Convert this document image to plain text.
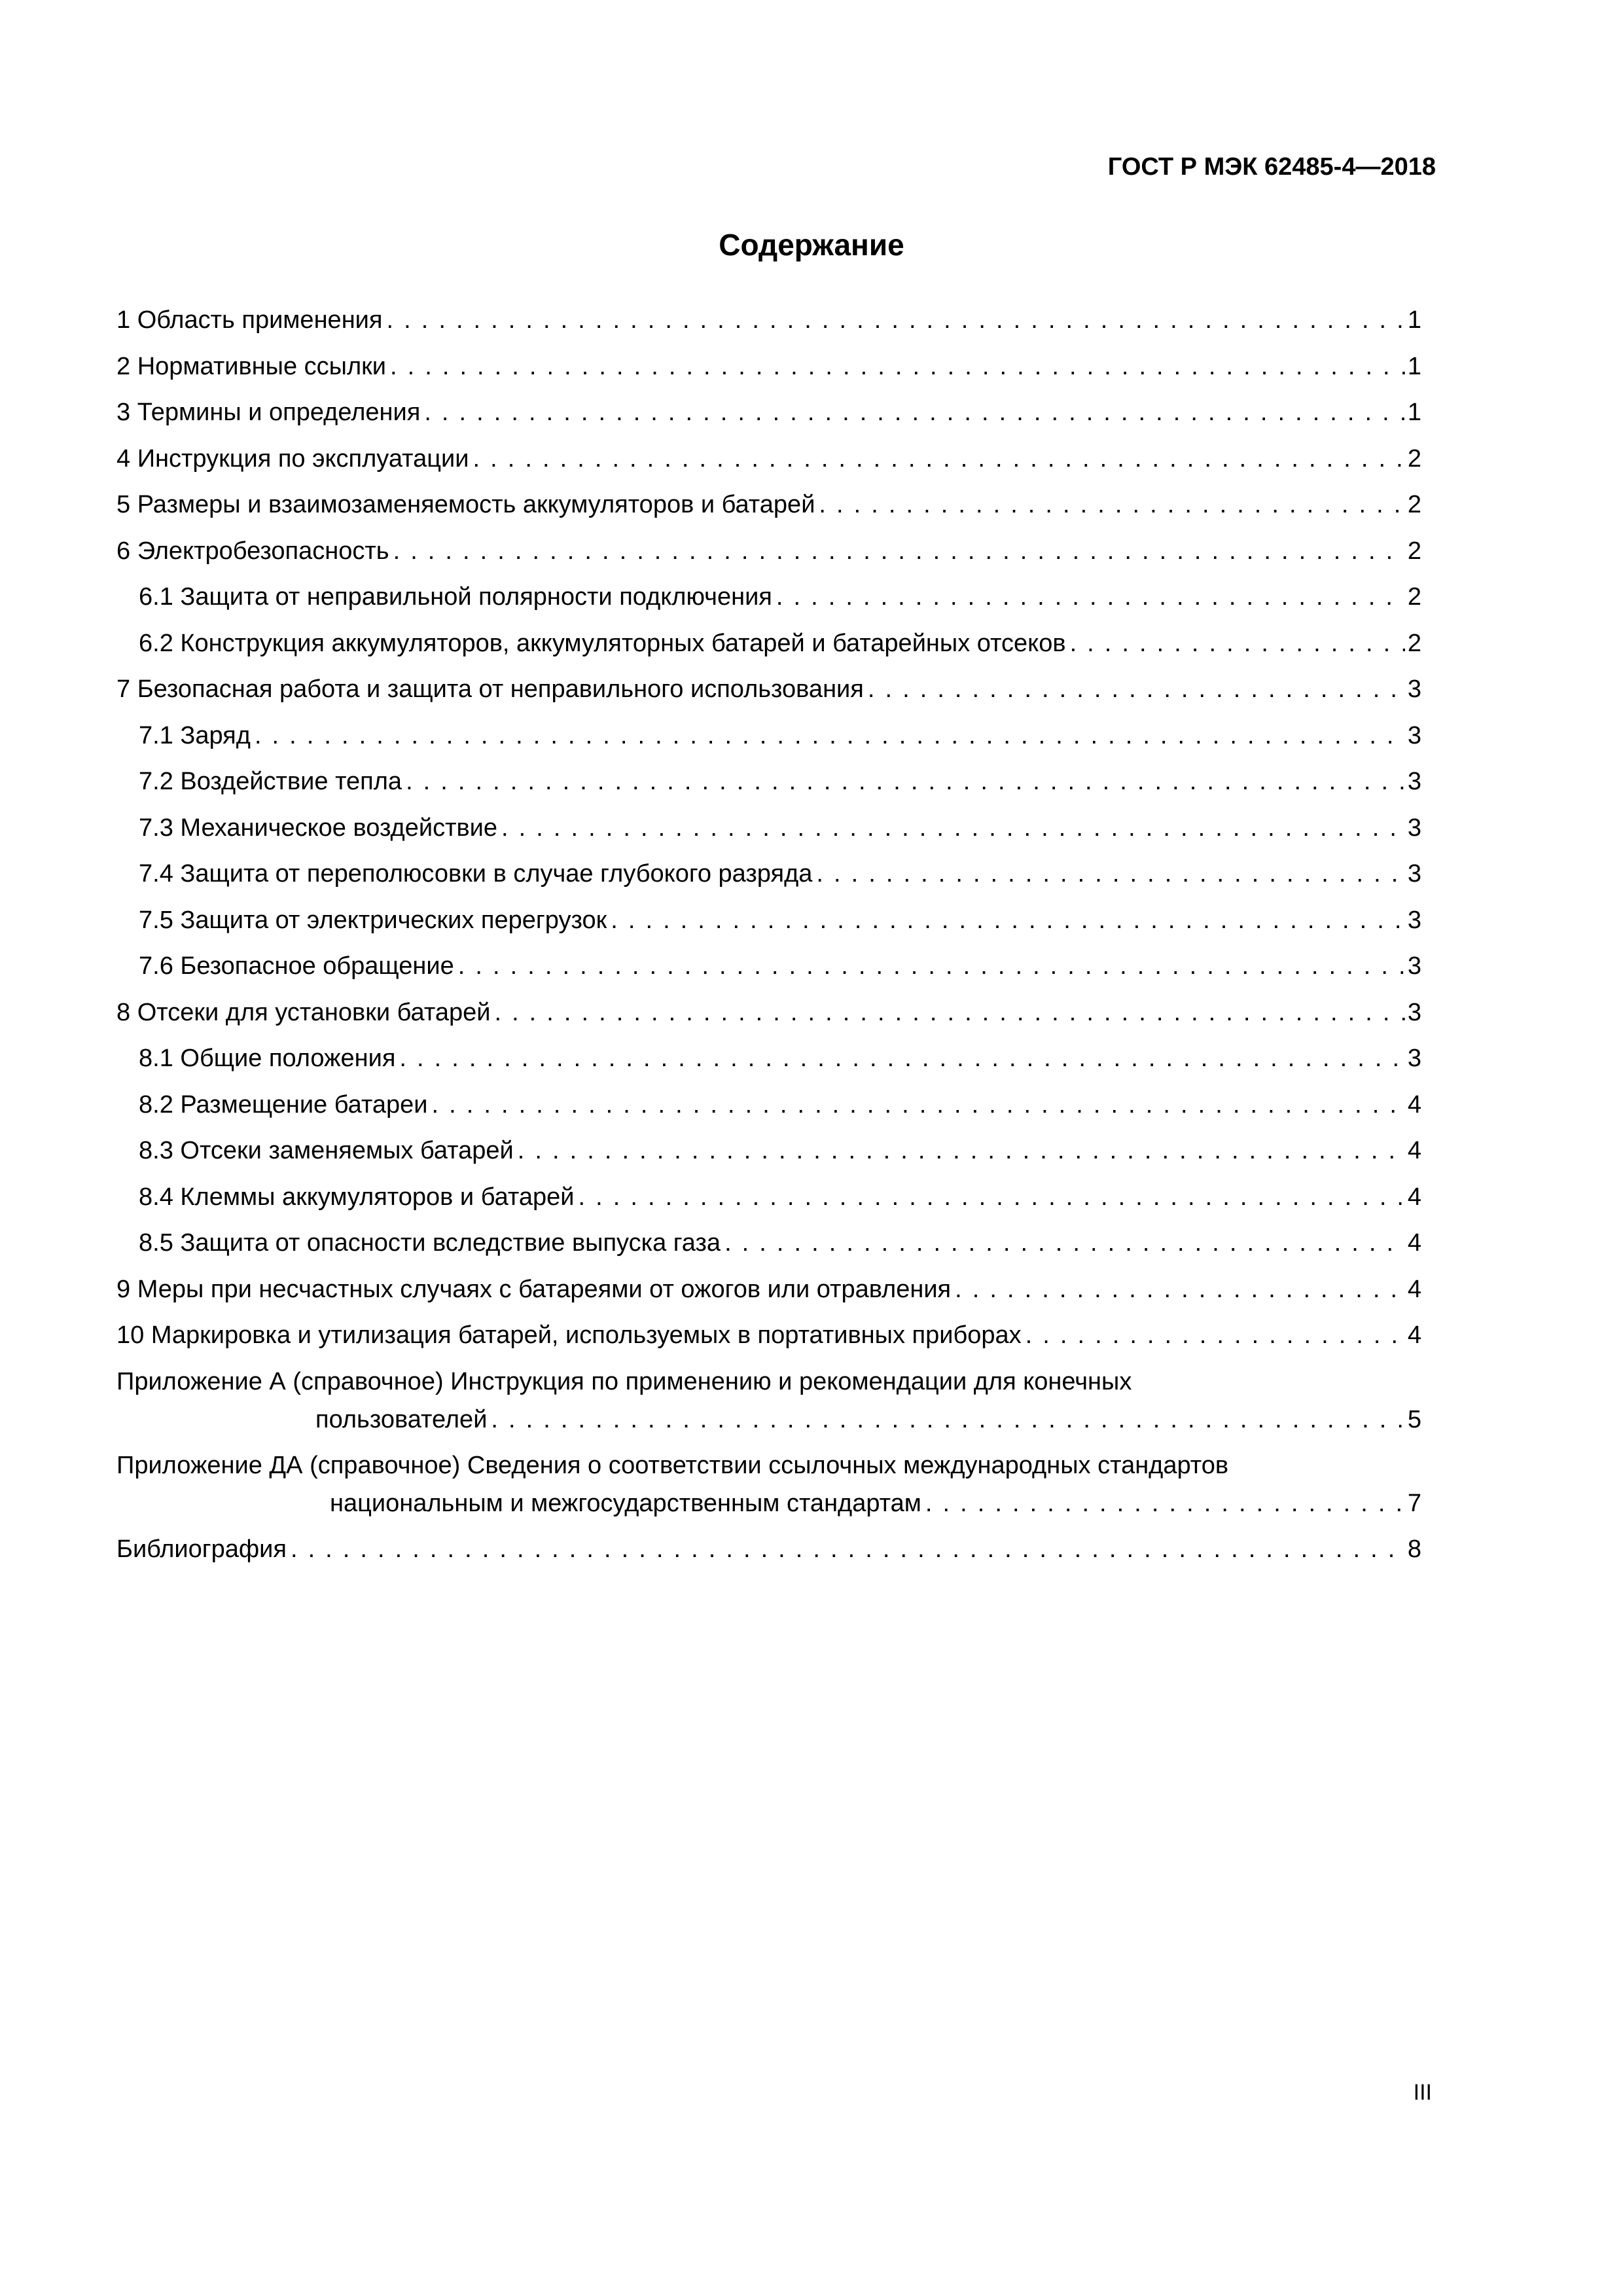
ГОСТ Р МЭК 62485-4—2018
Содержание
1 Область применения . . .	1
2 Нормативные ссылки . . .	1
3 Термины и определения . . .	1
4 Инструкция по эксплуатации . . .	2
5 Размеры и взаимозаменяемость аккумуляторов и батарей . . .	2
6 Электробезопасность . . .	2
6.1 Защита от неправильной полярности подключения . . .	2
6.2 Конструкция аккумуляторов, аккумуляторных батарей и батарейных отсеков . . .	2
7 Безопасная работа и защита от неправильного использования . . .	3
7.1 Заряд . . .	3
7.2 Воздействие тепла . . .	3
7.3 Механическое воздействие . . .	3
7.4 Защита от переполюсовки в случае глубокого разряда . . .	3
7.5 Защита от электрических перегрузок . . .	3
7.6 Безопасное обращение . . .	3
8 Отсеки для установки батарей . . .	3
8.1 Общие положения . . .	3
8.2 Размещение батареи . . .	4
8.3 Отсеки заменяемых батарей . . .	4
8.4 Клеммы аккумуляторов и батарей . . .	4
8.5 Защита от опасности вследствие выпуска газа . . .	4
9 Меры при несчастных случаях с батареями от ожогов или отравления . . .	4
10 Маркировка и утилизация батарей, используемых в портативных приборах . . .	4
Приложение А (справочное) Инструкция по применению и рекомендации для конечных
пользователей . . .	5
Приложение ДА (справочное) Сведения о соответствии ссылочных международных стандартов
национальным и межгосударственным стандартам . . .	7
Библиография . . .	8
III
